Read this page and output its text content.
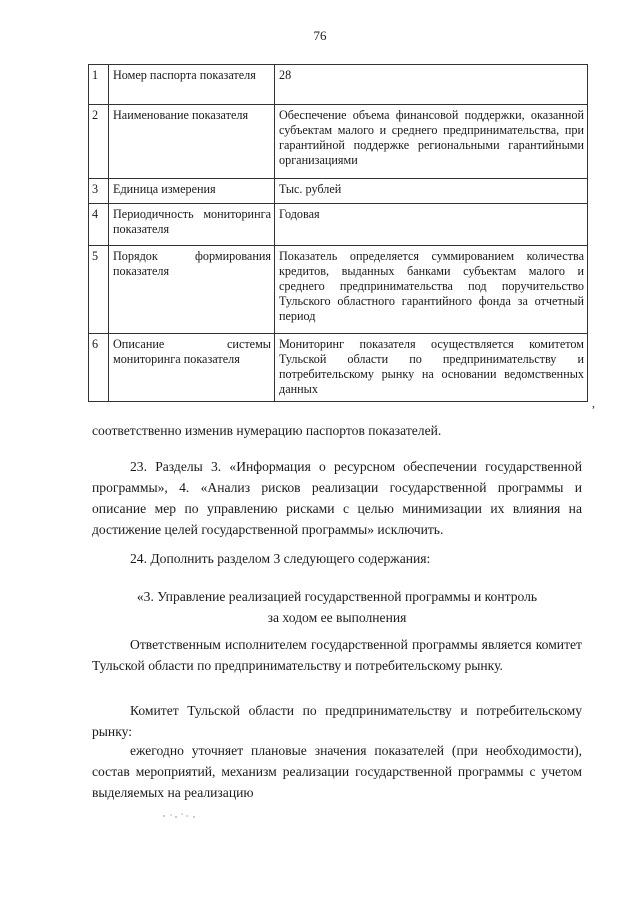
76
1	Номер паспорта показателя	28
2	Наименование показателя	Обеспечение объема финансовой поддержки, оказанной субъектам малого и среднего предпринимательства, при гарантийной поддержке региональными гарантийными организациями
3	Единица измерения	Тыс. рублей
4	Периодичность мониторинга показателя	Годовая
5	Порядок формирования показателя	Показатель определяется суммированием количества кредитов, выданных банками субъектам малого и среднего предпринимательства под поручительство Тульского областного гарантийного фонда за отчетный период
6	Описание системы мониторинга показателя	Мониторинг показателя осуществляется комитетом Тульской области по предпринимательству и потребительскому рынку на основании ведомственных данных
,

соответственно изменив нумерацию паспортов показателей.

23. Разделы 3. «Информация о ресурсном обеспечении государственной программы», 4. «Анализ рисков реализации государственной программы и описание мер по управлению рисками с целью минимизации их влияния на достижение целей государственной программы» исключить.

24. Дополнить разделом 3 следующего содержания:

«3. Управление реализацией государственной программы и контроль за ходом ее выполнения

Ответственным исполнителем государственной программы является комитет Тульской области по предпринимательству и потребительскому рынку.

Комитет Тульской области по предпринимательству и потребительскому рынку:

ежегодно уточняет плановые значения показателей (при необходимости), состав мероприятий, механизм реализации государственной программы с учетом выделяемых на реализацию
